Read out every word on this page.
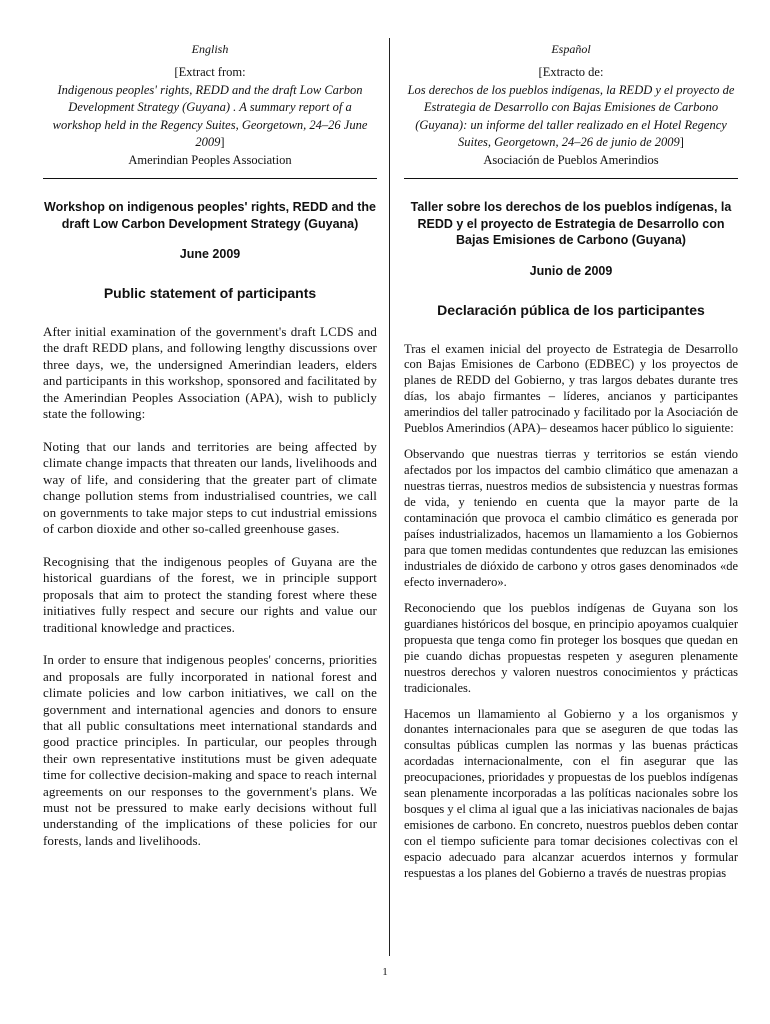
English
[Extract from:
Indigenous peoples' rights, REDD and the draft Low Carbon Development Strategy (Guyana) . A summary report of a workshop held in the Regency Suites, Georgetown, 24–26 June 2009]
Amerindian Peoples Association
Workshop on indigenous peoples' rights, REDD and the draft Low Carbon Development Strategy (Guyana)
June 2009
Public statement of participants

After initial examination of the government's draft LCDS and the draft REDD plans, and following lengthy discussions over three days, we, the undersigned Amerindian leaders, elders and participants in this workshop, sponsored and facilitated by the Amerindian Peoples Association (APA), wish to publicly state the following:

Noting that our lands and territories are being affected by climate change impacts that threaten our lands, livelihoods and way of life, and considering that the greater part of climate change pollution stems from industrialised countries, we call on governments to take major steps to cut industrial emissions of carbon dioxide and other so-called greenhouse gases.

Recognising that the indigenous peoples of Guyana are the historical guardians of the forest, we in principle support proposals that aim to protect the standing forest where these initiatives fully respect and secure our rights and value our traditional knowledge and practices.

In order to ensure that indigenous peoples' concerns, priorities and proposals are fully incorporated in national forest and climate policies and low carbon initiatives, we call on the government and international agencies and donors to ensure that all public consultations meet international standards and good practice principles. In particular, our peoples through their own representative institutions must be given adequate time for collective decision-making and space to reach internal agreements on our responses to the government's plans. We must not be pressured to make early decisions without full understanding of the implications of these policies for our forests, lands and livelihoods.

Español
[Extracto de:
Los derechos de los pueblos indígenas, la REDD y el proyecto de Estrategia de Desarrollo con Bajas Emisiones de Carbono (Guyana): un informe del taller realizado en el Hotel Regency Suites, Georgetown, 24–26 de junio de 2009]
Asociación de Pueblos Amerindios
Taller sobre los derechos de los pueblos indígenas, la REDD y el proyecto de Estrategia de Desarrollo con Bajas Emisiones de Carbono (Guyana)
Junio de 2009
Declaración pública de los participantes

Tras el examen inicial del proyecto de Estrategia de Desarrollo con Bajas Emisiones de Carbono (EDBEC) y los proyectos de planes de REDD del Gobierno, y tras largos debates durante tres días, los abajo firmantes – líderes, ancianos y participantes amerindios del taller patrocinado y facilitado por la Asociación de Pueblos Amerindios (APA)– deseamos hacer público lo siguiente:

Observando que nuestras tierras y territorios se están viendo afectados por los impactos del cambio climático que amenazan a nuestras tierras, nuestros medios de subsistencia y nuestras formas de vida, y teniendo en cuenta que la mayor parte de la contaminación que provoca el cambio climático es generada por países industrializados, hacemos un llamamiento a los Gobiernos para que tomen medidas contundentes que reduzcan las emisiones industriales de dióxido de carbono y otros gases denominados «de efecto invernadero».

Reconociendo que los pueblos indígenas de Guyana son los guardianes históricos del bosque, en principio apoyamos cualquier propuesta que tenga como fin proteger los bosques que quedan en pie cuando dichas propuestas respeten y aseguren plenamente nuestros derechos y valoren nuestros conocimientos y prácticas tradicionales.

Hacemos un llamamiento al Gobierno y a los organismos y donantes internacionales para que se aseguren de que todas las consultas públicas cumplen las normas y las buenas prácticas acordadas internacionalmente, con el fin asegurar que las preocupaciones, prioridades y propuestas de los pueblos indígenas sean plenamente incorporadas a las políticas nacionales sobre los bosques y el clima al igual que a las iniciativas nacionales de bajas emisiones de carbono. En concreto, nuestros pueblos deben contar con el tiempo suficiente para tomar decisiones colectivas con el espacio adecuado para alcanzar acuerdos internos y formular respuestas a los planes del Gobierno a través de nuestras propias

1
